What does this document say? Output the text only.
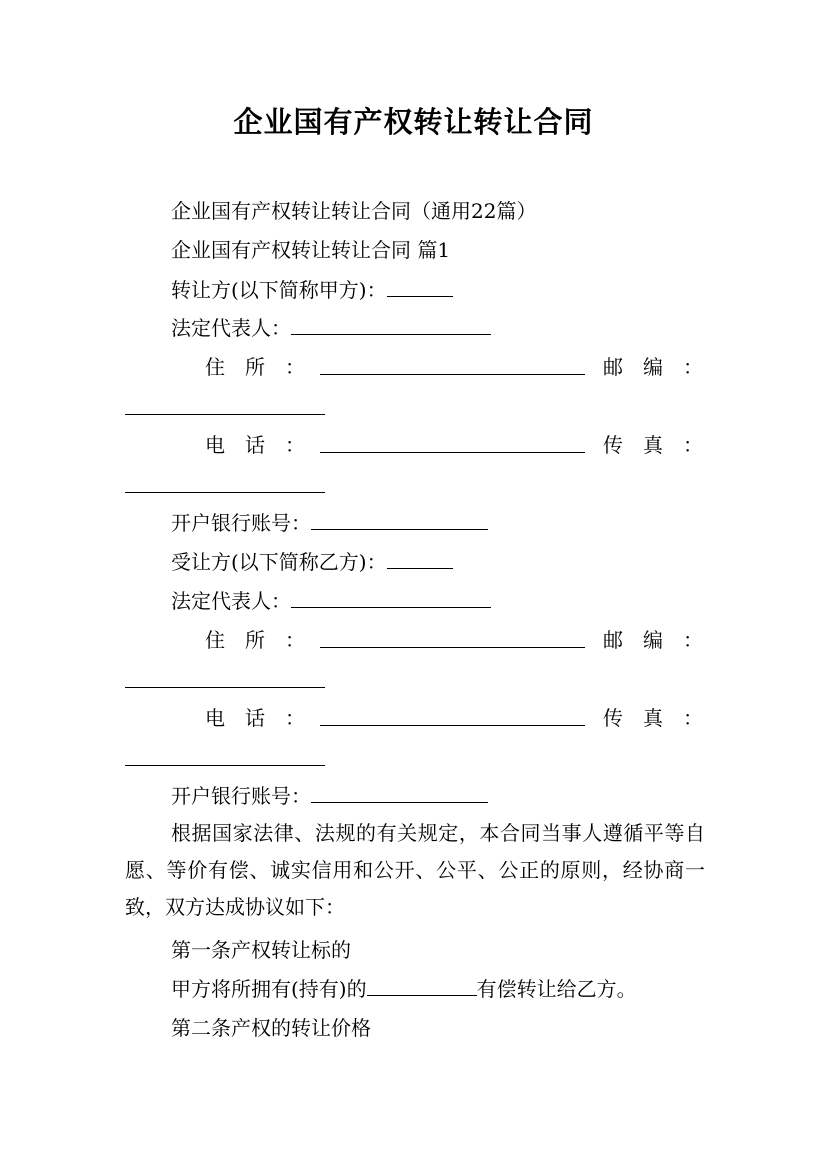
企业国有产权转让转让合同
企业国有产权转让转让合同（通用22篇）
企业国有产权转让转让合同 篇1
转让方(以下简称甲方)：
法定代表人：
住　所　：	邮　编　：
电　话　：	传　真　：
开户银行账号：
受让方(以下简称乙方)：
法定代表人：
住　所　：	邮　编　：
电　话　：	传　真　：
开户银行账号：
根据国家法律、法规的有关规定，本合同当事人遵循平等自愿、等价有偿、诚实信用和公开、公平、公正的原则，经协商一致，双方达成协议如下：
第一条产权转让标的
甲方将所拥有(持有)的	有偿转让给乙方。
第二条产权的转让价格
